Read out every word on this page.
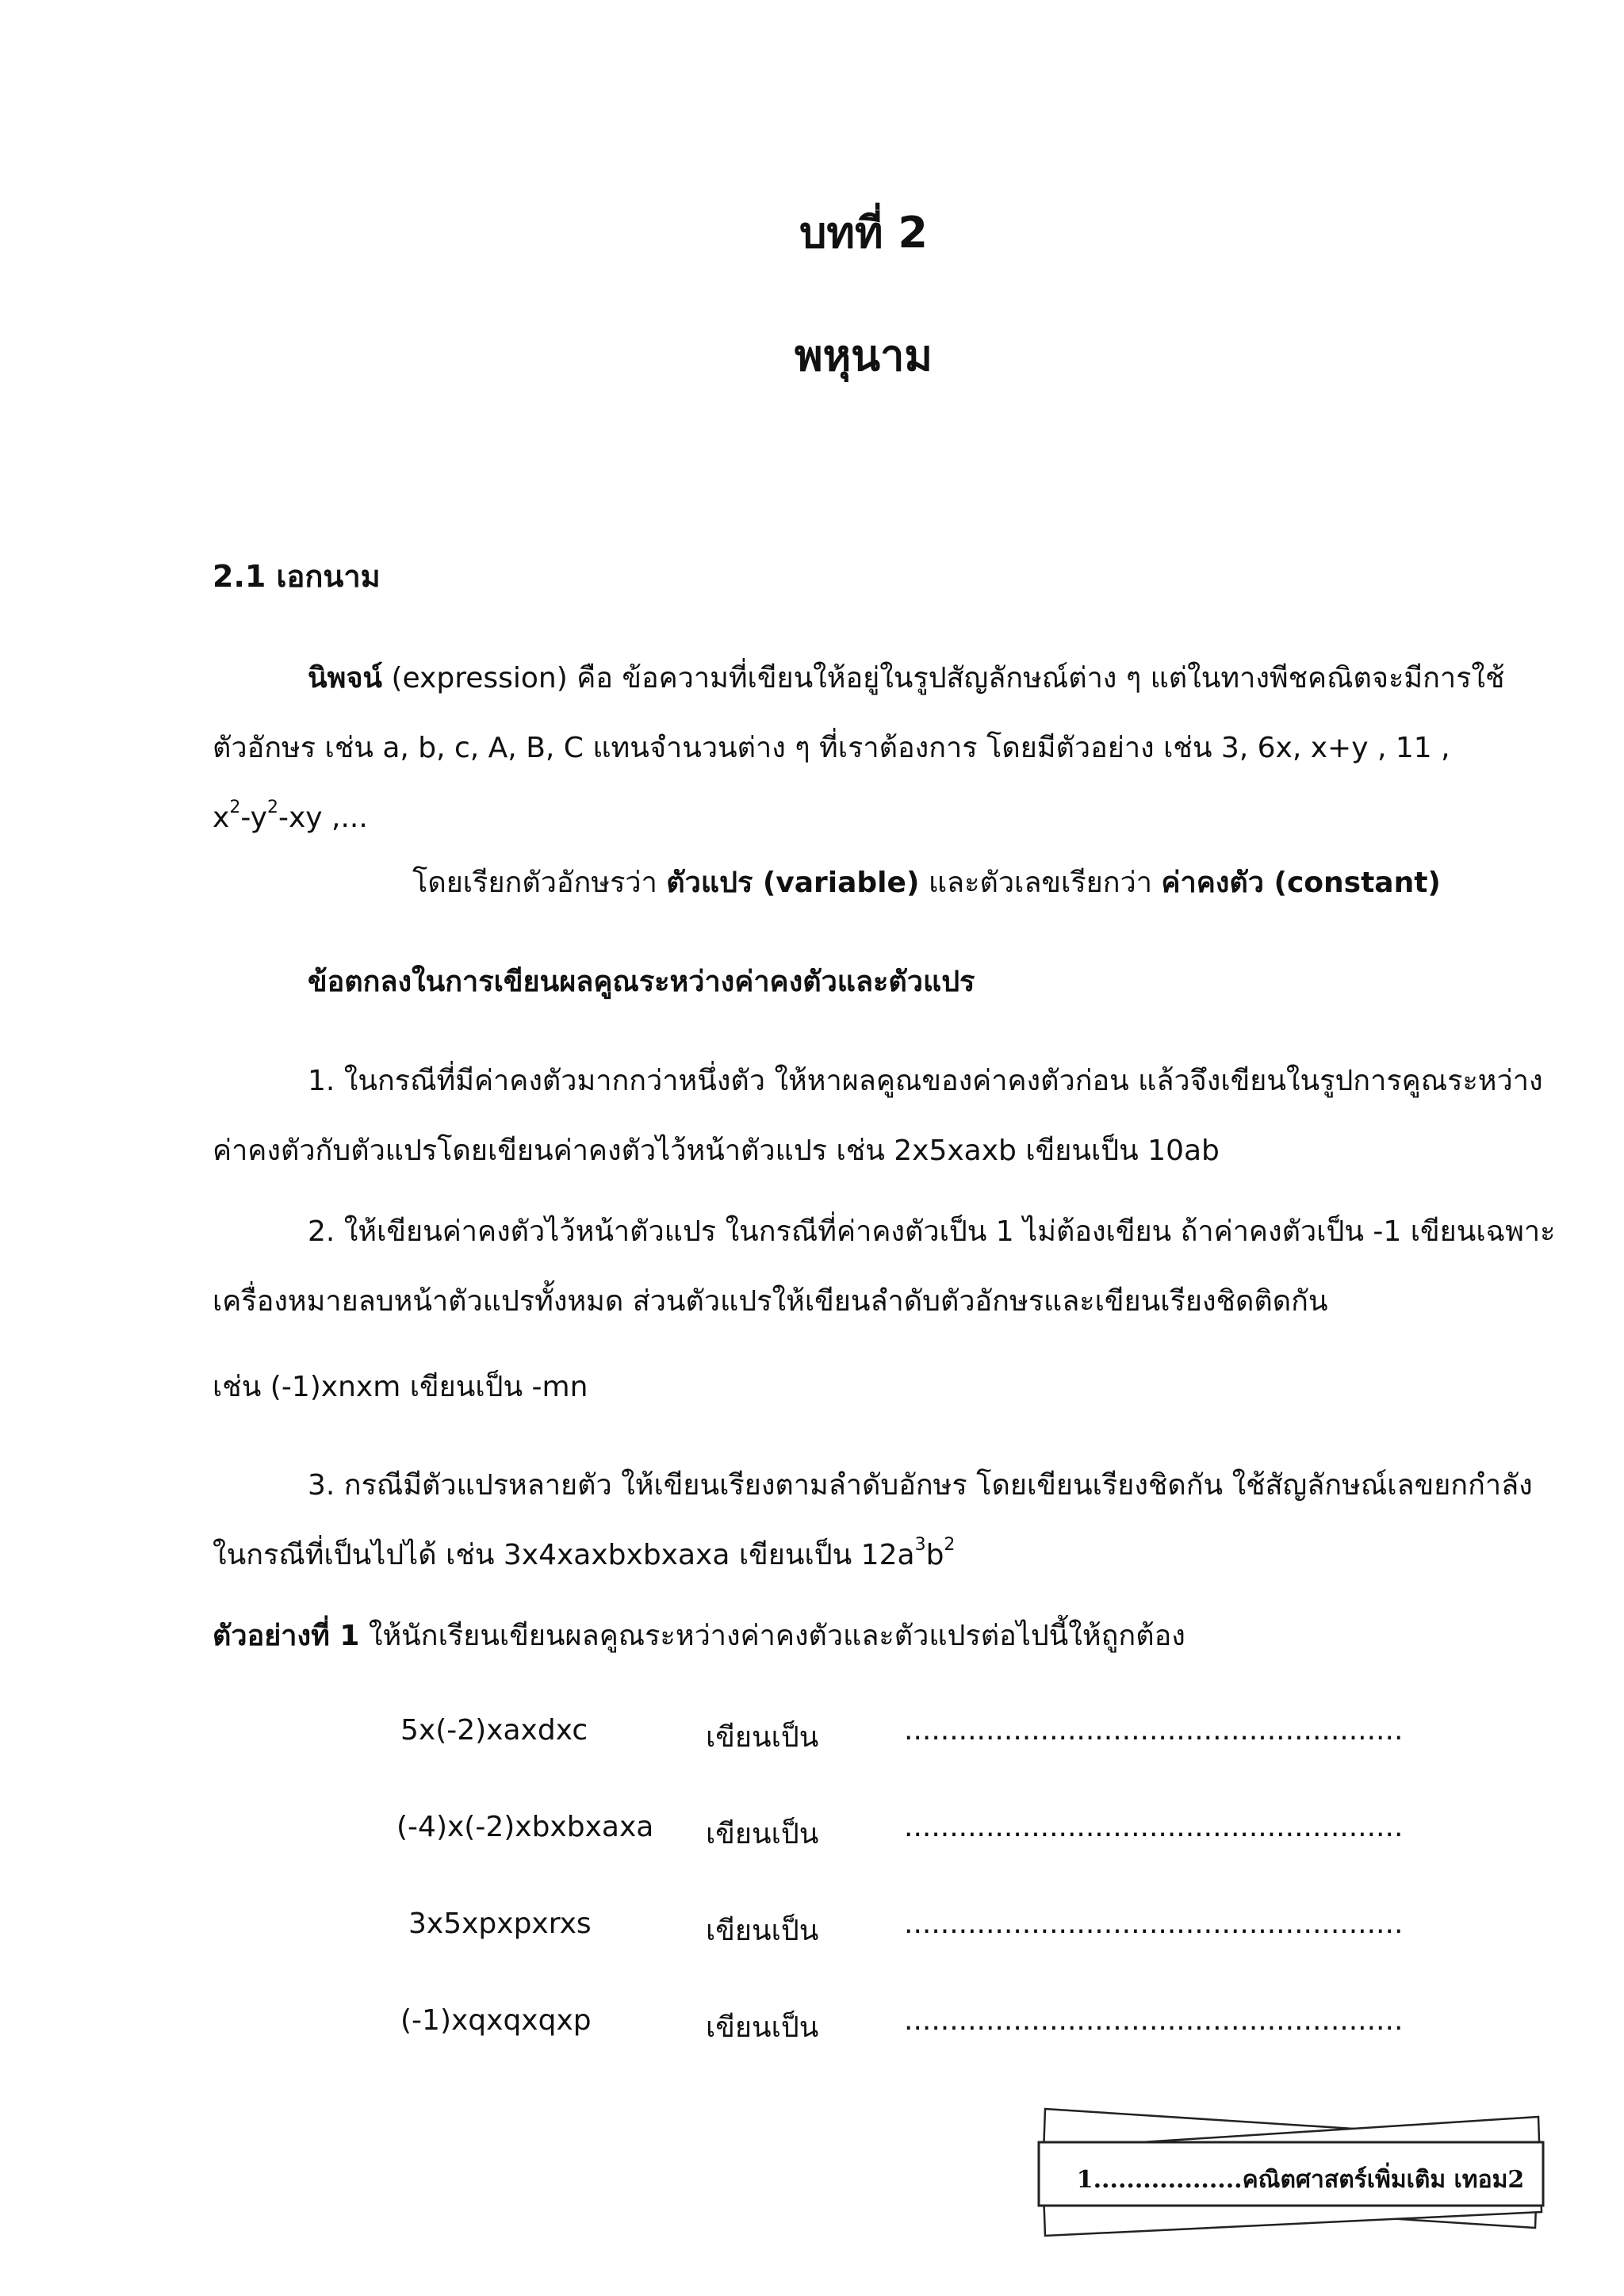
บทที่ 2
พหุนาม
2.1 เอกนาม
นิพจน์ (expression) คือ ข้อความที่เขียนให้อยู่ในรูปสัญลักษณ์ต่าง ๆ แต่ในทางพีชคณิตจะมีการใช้
ตัวอักษร เช่น a, b, c, A, B, C แทนจำนวนต่าง ๆ ที่เราต้องการ โดยมีตัวอย่าง เช่น 3, 6x, x+y , 11 ,
$x^2-y^2-xy$ ,...
โดยเรียกตัวอักษรว่า ตัวแปร (variable) และตัวเลขเรียกว่า ค่าคงตัว (constant)
ข้อตกลงในการเขียนผลคูณระหว่างค่าคงตัวและตัวแปร
1. ในกรณีที่มีค่าคงตัวมากกว่าหนึ่งตัว ให้หาผลคูณของค่าคงตัวก่อน แล้วจึงเขียนในรูปการคูณระหว่าง
ค่าคงตัวกับตัวแปรโดยเขียนค่าคงตัวไว้หน้าตัวแปร เช่น 2x5xaxb เขียนเป็น 10ab
2. ให้เขียนค่าคงตัวไว้หน้าตัวแปร ในกรณีที่ค่าคงตัวเป็น 1 ไม่ต้องเขียน ถ้าค่าคงตัวเป็น -1 เขียนเฉพาะ
เครื่องหมายลบหน้าตัวแปรทั้งหมด ส่วนตัวแปรให้เขียนลำดับตัวอักษรและเขียนเรียงชิดติดกัน
เช่น (-1)xnxm เขียนเป็น -mn
3. กรณีมีตัวแปรหลายตัว ให้เขียนเรียงตามลำดับอักษร โดยเขียนเรียงชิดกัน ใช้สัญลักษณ์เลขยกกำลัง
ในกรณีที่เป็นไปได้ เช่น 3x4xaxbxbxaxa เขียนเป็น $12a^3b^2$
ตัวอย่างที่ 1 ให้นักเรียนเขียนผลคูณระหว่างค่าคงตัวและตัวแปรต่อไปนี้ให้ถูกต้อง
5x(-2)xaxdxc	เขียนเป็น	.......................................................
(-4)x(-2)xbxbxaxa เขียนเป็น	.......................................................
3x5xpxpxrxs	เขียนเป็น	.......................................................
(-1)xqxqxqxp	เขียนเป็น	.......................................................
1..................คณิตศาสตร์เพิ่มเติม เทอม2
